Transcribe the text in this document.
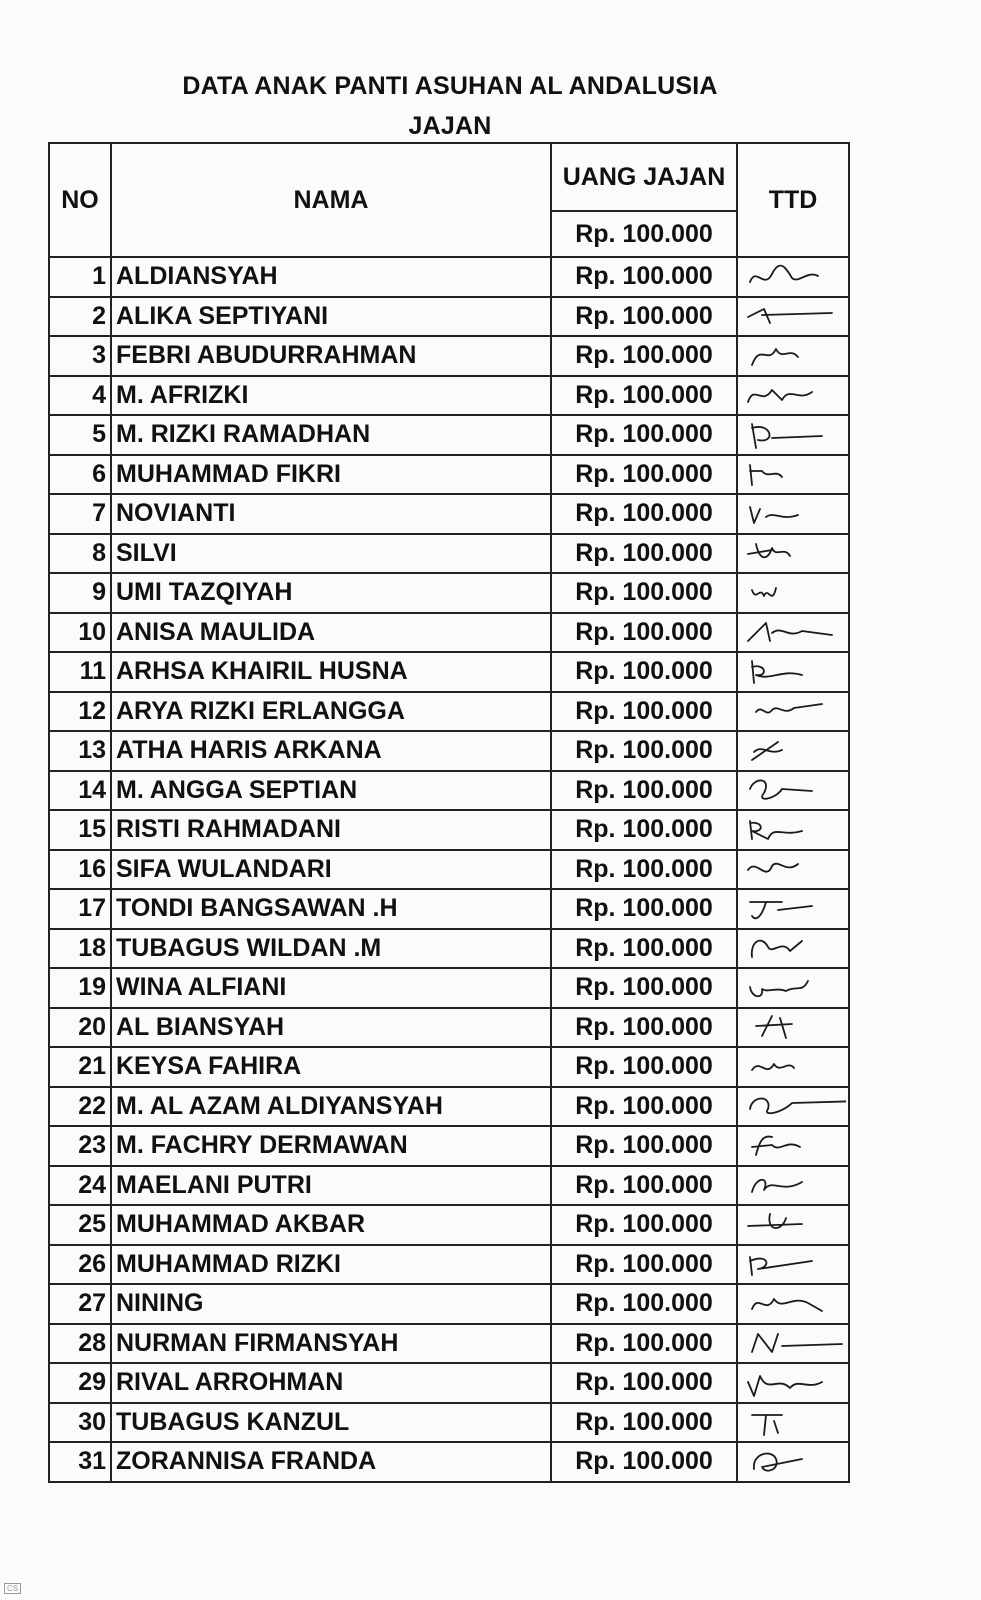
DATA ANAK PANTI ASUHAN AL ANDALUSIA
JAJAN
NO	NAMA	UANG JAJAN	TTD
		Rp. 100.000	
1	ALDIANSYAH	Rp. 100.000	

2	ALIKA SEPTIYANI	Rp. 100.000	

3	FEBRI ABUDURRAHMAN	Rp. 100.000	

4	M. AFRIZKI	Rp. 100.000	

5	M. RIZKI RAMADHAN	Rp. 100.000	

6	MUHAMMAD FIKRI	Rp. 100.000	

7	NOVIANTI	Rp. 100.000	

8	SILVI	Rp. 100.000	

9	UMI TAZQIYAH	Rp. 100.000	

10	ANISA MAULIDA	Rp. 100.000	

11	ARHSA KHAIRIL HUSNA	Rp. 100.000	

12	ARYA RIZKI ERLANGGA	Rp. 100.000	

13	ATHA HARIS ARKANA	Rp. 100.000	

14	M. ANGGA SEPTIAN	Rp. 100.000	

15	RISTI RAHMADANI	Rp. 100.000	

16	SIFA WULANDARI	Rp. 100.000	

17	TONDI BANGSAWAN .H	Rp. 100.000	

18	TUBAGUS WILDAN .M	Rp. 100.000	

19	WINA ALFIANI	Rp. 100.000	

20	AL BIANSYAH	Rp. 100.000	

21	KEYSA FAHIRA	Rp. 100.000	

22	M. AL AZAM ALDIYANSYAH	Rp. 100.000	

23	M. FACHRY DERMAWAN	Rp. 100.000	

24	MAELANI PUTRI	Rp. 100.000	

25	MUHAMMAD AKBAR	Rp. 100.000	

26	MUHAMMAD RIZKI	Rp. 100.000	

27	NINING	Rp. 100.000	

28	NURMAN FIRMANSYAH	Rp. 100.000	

29	RIVAL ARROHMAN	Rp. 100.000	

30	TUBAGUS KANZUL	Rp. 100.000	

31	ZORANNISA FRANDA	Rp. 100.000	
CS
